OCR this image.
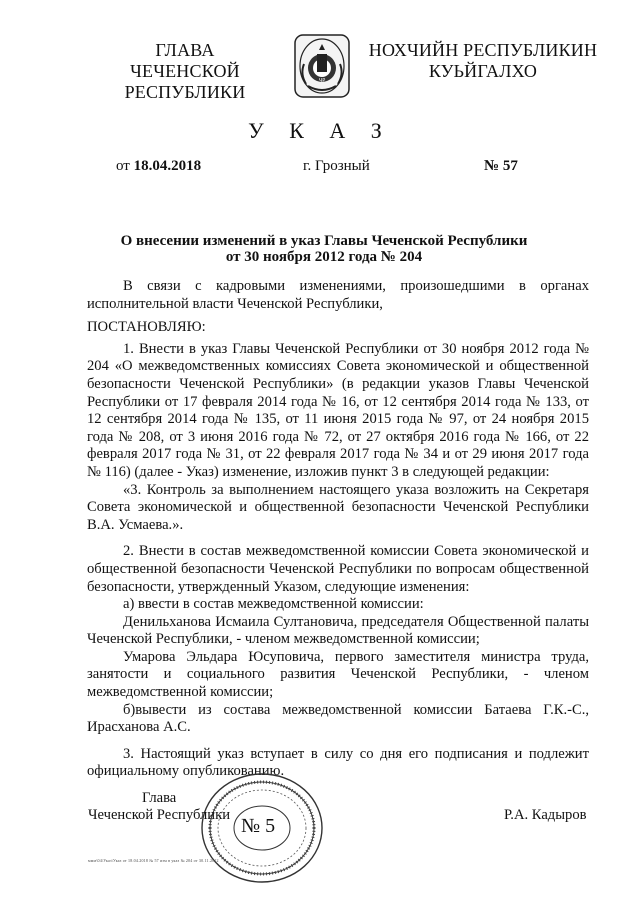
ГЛАВА
ЧЕЧЕНСКОЙ РЕСПУБЛИКИ
ЧР
НОХЧИЙН РЕСПУБЛИКИН
КУЬЙГАЛХО
У К А З
от 18.04.2018	г. Грозный	№ 57
О внесении изменений в указ Главы Чеченской Республики
от 30 ноября 2012 года № 204

В связи с кадровыми изменениями, произошедшими в органах исполнительной власти Чеченской Республики,

ПОСТАНОВЛЯЮ:

1. Внести в указ Главы Чеченской Республики от 30 ноября 2012 года № 204 «О межведомственных комиссиях Совета экономической и общественной безопасности Чеченской Республики» (в редакции указов Главы Чеченской Республики от 17 февраля 2014 года № 16, от 12 сентября 2014 года № 133, от 12 сентября 2014 года № 135, от 11 июня 2015 года № 97, от 24 ноября 2015 года № 208, от 3 июня 2016 года № 72, от 27 октября 2016 года № 166, от 22 февраля 2017 года № 31, от 22 февраля 2017 года № 34 и от 29 июня 2017 года № 116) (далее - Указ) изменение, изложив пункт 3 в следующей редакции:

«3. Контроль за выполнением настоящего указа возложить на Секретаря Совета экономической и общественной безопасности Чеченской Республики В.А. Усмаева.».

2. Внести в состав межведомственной комиссии Совета экономической и общественной безопасности Чеченской Республики по вопросам общественной безопасности, утвержденный Указом, следующие изменения:

а) ввести в состав межведомственной комиссии:

Денильханова Исмаила Султановича, председателя Общественной палаты Чеченской Республики, - членом межведомственной комиссии;

Умарова Эльдара Юсуповича, первого заместителя министра труда, занятости и социального развития Чеченской Республики, - членом межведомственной комиссии;

б)вывести из состава межведомственной комиссии Батаева Г.К.-С., Ирасханова А.С.

3. Настоящий указ вступает в силу со дня его подписания и подлежит официальному опубликованию.

№ 5
Глава
Чеченской Республики	Р.А. Кадыров
ммм\04\Указ\Указ от 18.04.2018 № 57 изм в указ № 204 от 30.11.2012
